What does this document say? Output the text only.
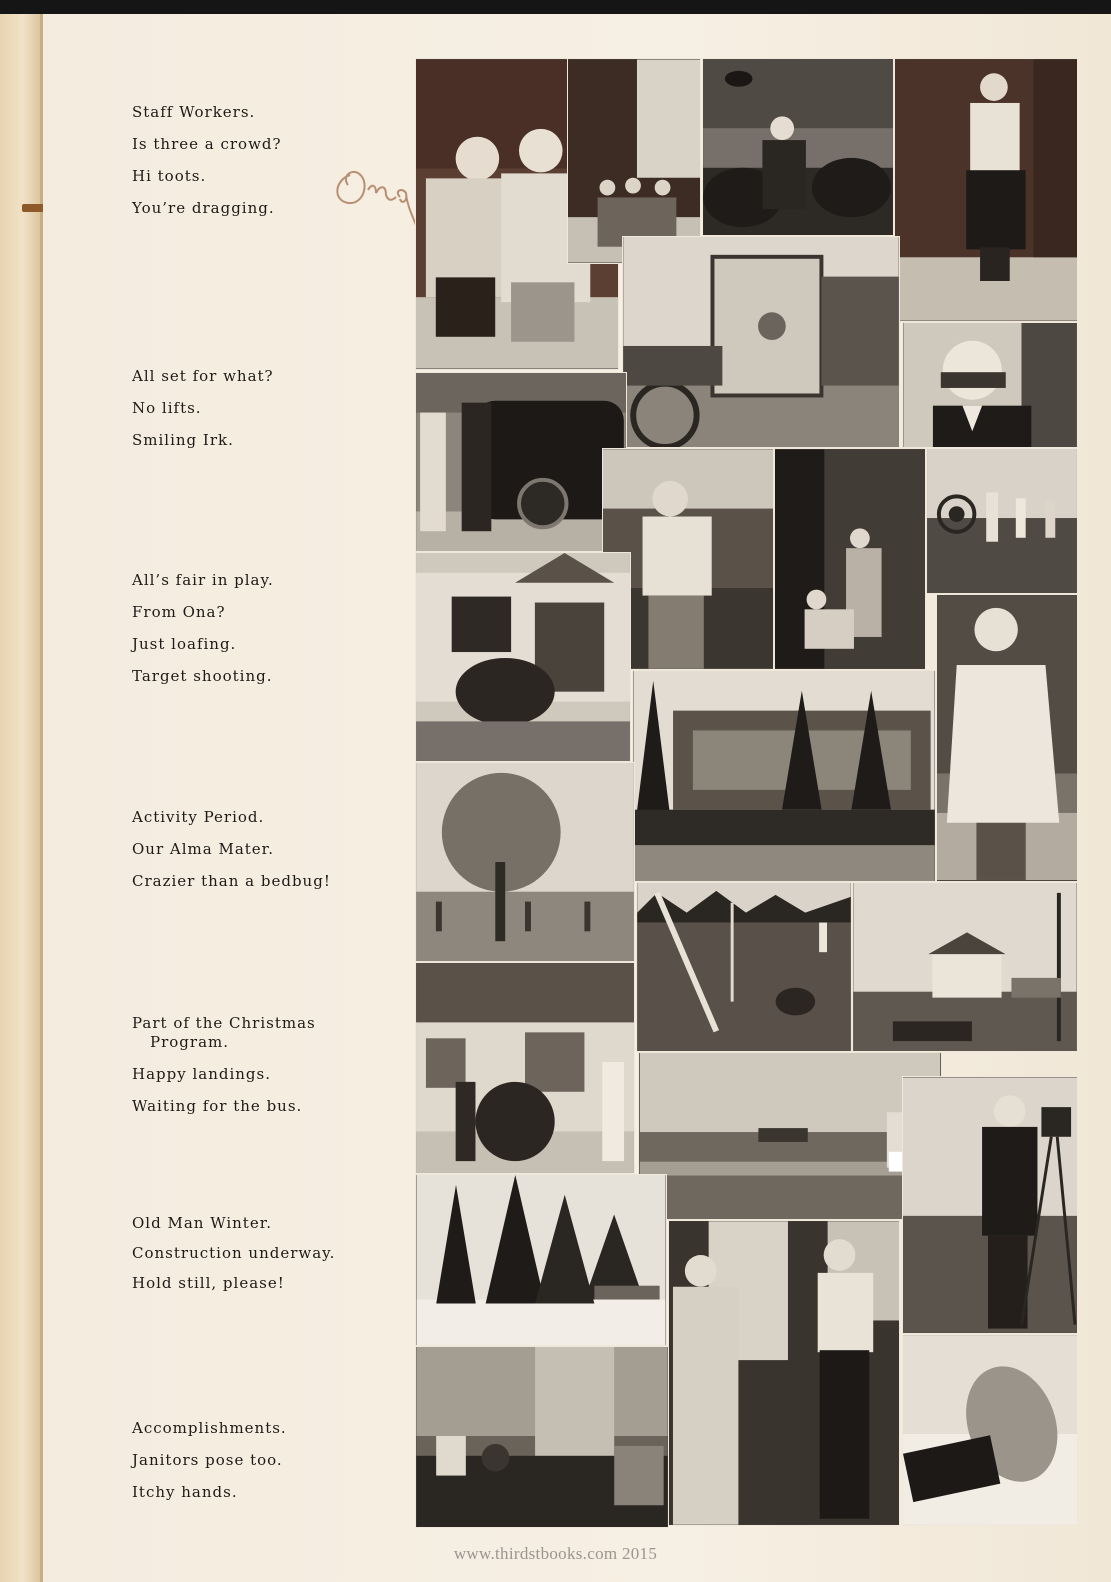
Staff Workers.
Is three a crowd?
Hi toots.
You’re dragging.
All set for what?
No lifts.
Smiling Irk.
All’s fair in play.
From Ona?
Just loafing.
Target shooting.
Activity Period.
Our Alma Mater.
Crazier than a bedbug!
Part of the Christmas
Program.
Happy landings.
Waiting for the bus.
Old Man Winter.
Construction underway.
Hold still, please!
Accomplishments.
Janitors pose too.
Itchy hands.
www.thirdstbooks.com 2015
